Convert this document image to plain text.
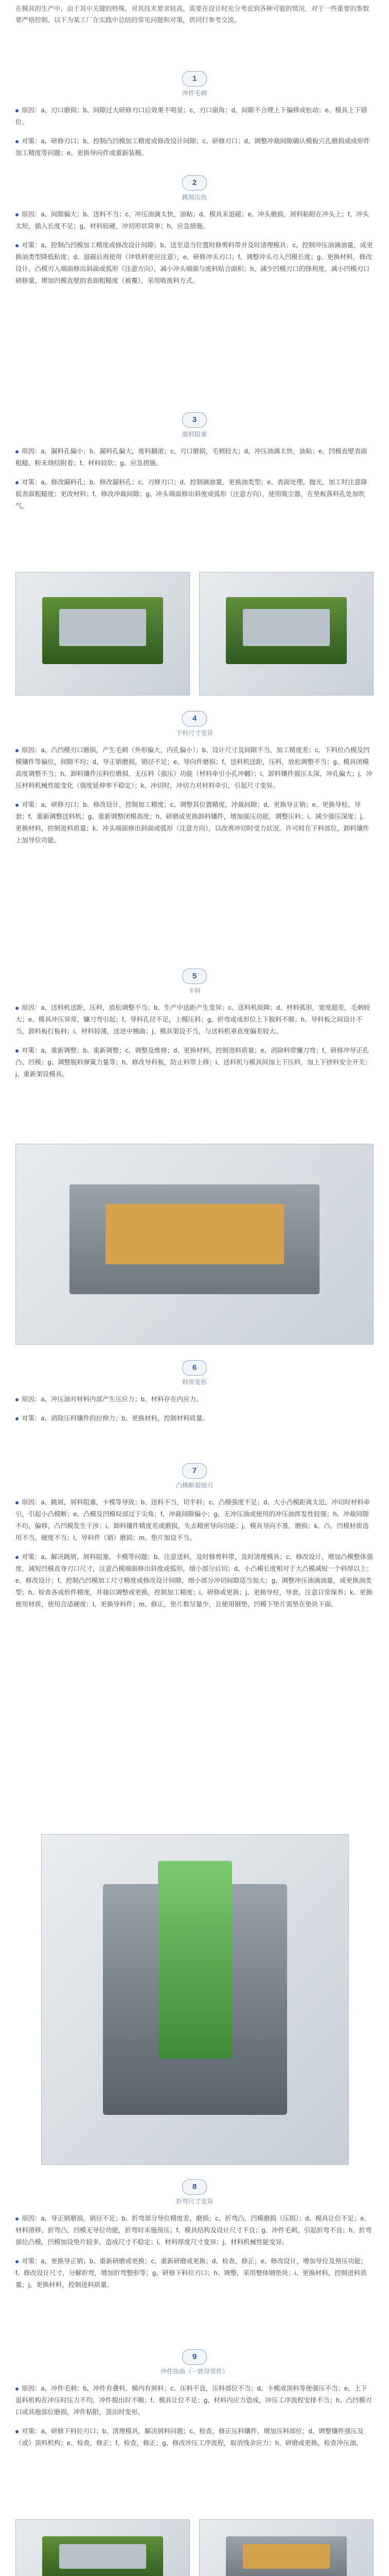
在模具的生产中，由于其中关键的特殊，对其技术要求较高，需要在设计时充分考虑到各种可能的情况，对于一些重要的参数要严格控制。以下为某工厂在实践中总结的常见问题和对策，供同行参考交流。
1
冲件毛刺

原因：a、刃口磨损；b、间隙过大研修刃口后效果不明显；c、刃口崩角；d、间隙不合理上下偏移或松动；e、模具上下错位。

对策：a、研修刃口；b、控制凸凹模加工精度或修改设计间隙；c、研修刃口；d、调整冲裁间隙确认模板穴孔磨损或成形件加工精度等问题；e、更换导向件或重新装模。

2
跳屑压伤

原因：a、间隙偏大；b、送料不当；c、冲压油滴太快，油粘；d、模具未退磁；e、冲头磨损，屑料粘附在冲头上；f、冲头太短，插入长度不足；g、材料较硬，冲切形状简单；h、应急措施。

对策：a、控制凸凹模加工精度或修改设计间隙；b、送至适当位置时修剪料带并及时清理模具；c、控制冲压油滴油量，或更换油类型降低粘度；d、退磁后再使用（冲铁料更应注意）；e、研修冲头刃口；f、调整冲头刃入凹模长度；g、更换材料，修改设计，凸模刃入端面修出斜面或弧形（注意方向），减小冲头端面与废料贴合面积；h、减少凹模刃口的锋利度，减小凹模刃口研修量，增加凹模直壁的表面粗糙度（被覆），采用吸废料方式。

3
废料阻塞

原因：a、漏料孔偏小；b、漏料孔偏大，废料翻滚；c、刃口磨损，毛刺较大；d、冲压油滴太快，油粘；e、凹模直壁表面粗糙，粉末烧结附着；f、材料较软；g、应急措施。

对策：a、修改漏料孔；b、修改漏料孔；c、刃修刃口；d、控制滴油量，更换油类型；e、表面处理，抛光，加工时注意降低表面粗糙度；更改材料；f、修改冲裁间隙；g、冲头端面修出斜度或弧形（注意方向），使用吸尘器，在垫板落料孔处加吹气。

4
下料尺寸变异

原因：a、凸凹模刃口磨损，产生毛刺（外形偏大，内孔偏小）；b、设计尺寸及间隙不当，加工精度差；c、下料位凸模及凹模镶件等偏位，间隙不均；d、导正销磨损，销径不足；e、导向件磨损；f、送料机送距，压料，放松调整不当；g、模具闭模高度调整不当；h、卸料镶件压料位磨损，无压料（强压）功能（材料牵引小孔冲翻）；i、卸料镶件强压太深，冲孔偏大；j、冲压材料机械性能变化（强度延伸率不稳定）；k、冲切时，冲切力对材料牵引，引起尺寸变异。

对策：a、研修刃口；b、修改设计，控制加工精度；c、调整其位置精度，冲裁间隙；d、更换导正销；e、更换导柱、导套；f、重新调整送料机；g、重新调整闭模高度；h、研磨或更换卸料镶件，增加强压功能，调整压料；i、减少强压深度；j、更换材料，控制进料质量；k、冲头端面修出斜面或弧形（注意方向），以改善冲切时受力状况。许可时在下料部位，卸料镶件上加导位功能。

5
卡料

原因：a、送料机送距，压料，放松调整不当；b、生产中送距产生变异；c、送料机故障；d、材料弧形，宽度超差，毛刺较大；e、模具冲压异常，镰刀弯引起；f、导料孔径不足，上模压料；g、折弯或成形位上下脱料不顺；h、导料板之间设计不当，卸料板打板料；i、材料较薄，送进中翘曲；j、模具架设不当，与送料机垂直度偏差较大。

对策：a、重新调整；b、重新调整；c、调整及维修；d、更换材料，控制进料质量；e、消除料带镰刀弯；f、研修冲导正孔凸、凹模；g、调整脱料弹簧力量等；h、修改导料板，防止料带上移；i、送料机与模具间加上下压料，加上下挤料安全开关；j、重新架设模具。

6
料带变形

原因：a、冲压油对材料内部产生压应力；b、材料存在内应力。

对策：a、消除压料镶件的拉伸力；b、更换材料，控制材料质量。

7
凸模断裂崩刃

原因：a、跳屑，屑料阻塞，卡模等导致；b、送料不当，切半料；c、凸模强度不足；d、大小凸模距离太近，冲切时材料牵引，引起小凸模断；e、凸模及凹模局部过于尖角；f、冲裁间隙偏小；g、无冲压油或使用的冲压油挥发性较强；h、冲裁间隙不均，偏移，凸凹模发生干涉；i、卸料镶件精度差或磨损，失去精密导向功能；j、模具导向不准，磨损；k、凸，凹模材质选用不当，硬度不当；l、导料件（销）磨损；m、垫片加设不当。

对策：a、解决跳屑，屑料阻塞，卡模等问题；b、注意送料，及时修剪料带，及时清理模具；c、修改设计，增加凸模整体强度，减短凹模直身刃口尺寸，注意凸模端面修出斜度或弧形，细小部分后切；d、小凸模长度相对于大凸模减短一个料厚以上；e、修改设计；f、控制凸凹模加工尺寸精度或修改设计间隙，细小部分冲切间隙适当加大；g、调整冲压油滴油量，或更换油类型；h、检查各成形件精度，并施以调整或更换，控制加工精度；i、研修或更换；j、更换导柱，导套，注意日常保养；k、更换使用材质，使用合适硬度；l、更换导料件；m、修正，垫片数尽量少，且使用钢垫，凹模下垫片需垫在垫块下面。

8
折弯尺寸变异

原因：a、导正销磨损，销径不足；b、折弯部分导位精度差，磨损；c、折弯凸，凹模磨损（压损）；d、模具让位不足；e、材料滑移，折弯凸，凹模无导位功能，折弯时未施预压；f、模具结构及设计尺寸不良；g、冲件毛刺，引起折弯不良；h、折弯部位凸模，凹模加设垫片较多，造成尺寸不稳定；i、材料厚度尺寸变异；j、材料机械性能变异。

对策：a、更换导正销；b、重新研磨或更换；c、重新研磨或更换；d、检查，修正；e、修改设计，增加导位及预压功能；f、修改设计尺寸，分解折弯，增加折弯整形等；g、研修下料位刃口；h、调整，采用整体钢垫块；i、更换材料，控制进料质量；j、更换材料，控制进料质量。

9
冲件扭曲（一致异常件）

原因：a、冲件毛刺；b、冲件有叠料，模内有屑料；c、压料不良，压料部位不当；d、卡模或顶料等使强压不当；e、上下退料机构在冲压时压力不均，冲件脱出时不顺；f、模具让位不足；g、材料内应力造成，冲压工序流程安排不当；h、凸凹模刃口或其他部位磨损，冲件粘附，顶出时变形。

对策：a、研修下料位刃口；b、清理模具，解决屑料问题；c、检查，修正压料镶件，增加压料部位；d、调整镶件强压及（或）顶料机构；e、检查，修正；f、检查，修正；g、修改冲压工序流程，取消残余应力；h、研磨或更换，检查冲压油。
